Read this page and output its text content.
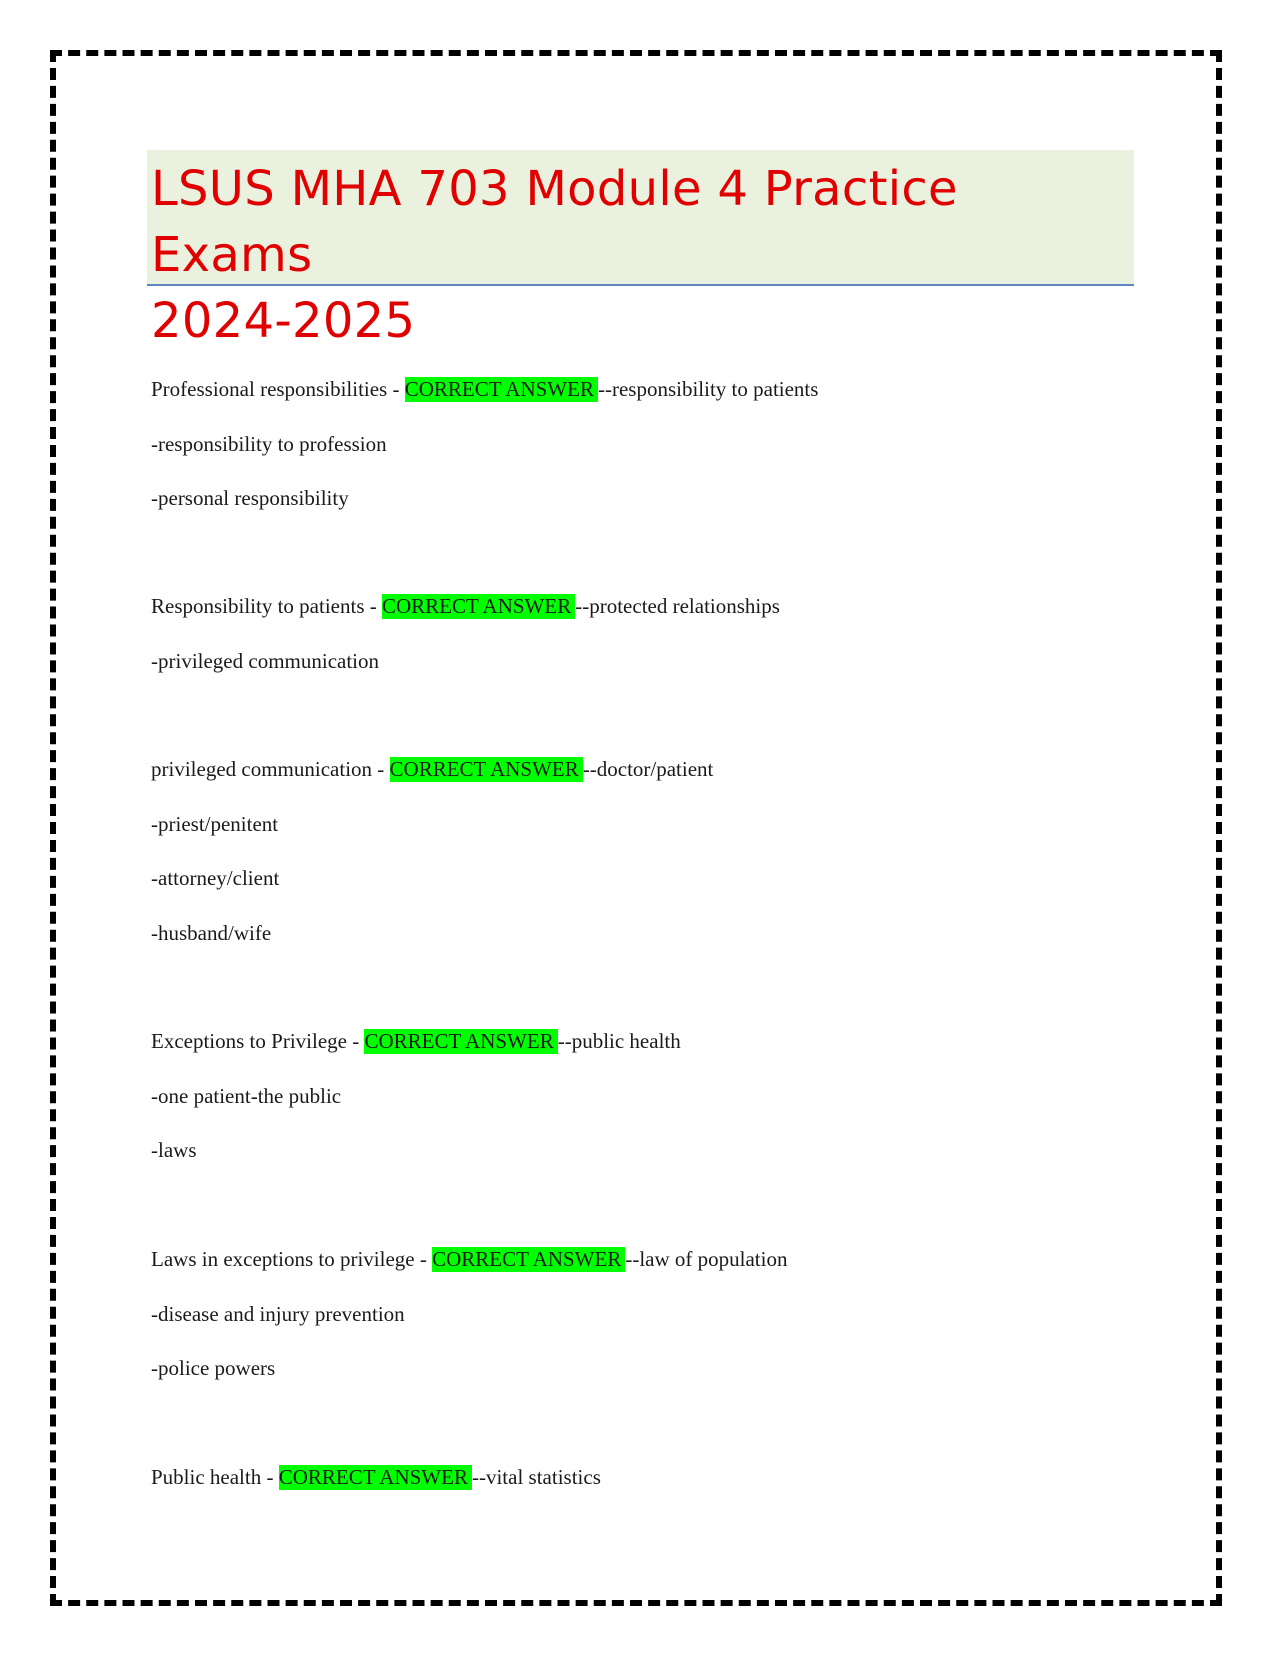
LSUS MHA 703 Module 4 Practice Exams
2024-2025
Professional responsibilities - CORRECT ANSWER --responsibility to patients
-responsibility to profession
-personal responsibility
Responsibility to patients - CORRECT ANSWER --protected relationships
-privileged communication
privileged communication - CORRECT ANSWER --doctor/patient
-priest/penitent
-attorney/client
-husband/wife
Exceptions to Privilege - CORRECT ANSWER --public health
-one patient-the public
-laws
Laws in exceptions to privilege - CORRECT ANSWER --law of population
-disease and injury prevention
-police powers
Public health - CORRECT ANSWER --vital statistics
